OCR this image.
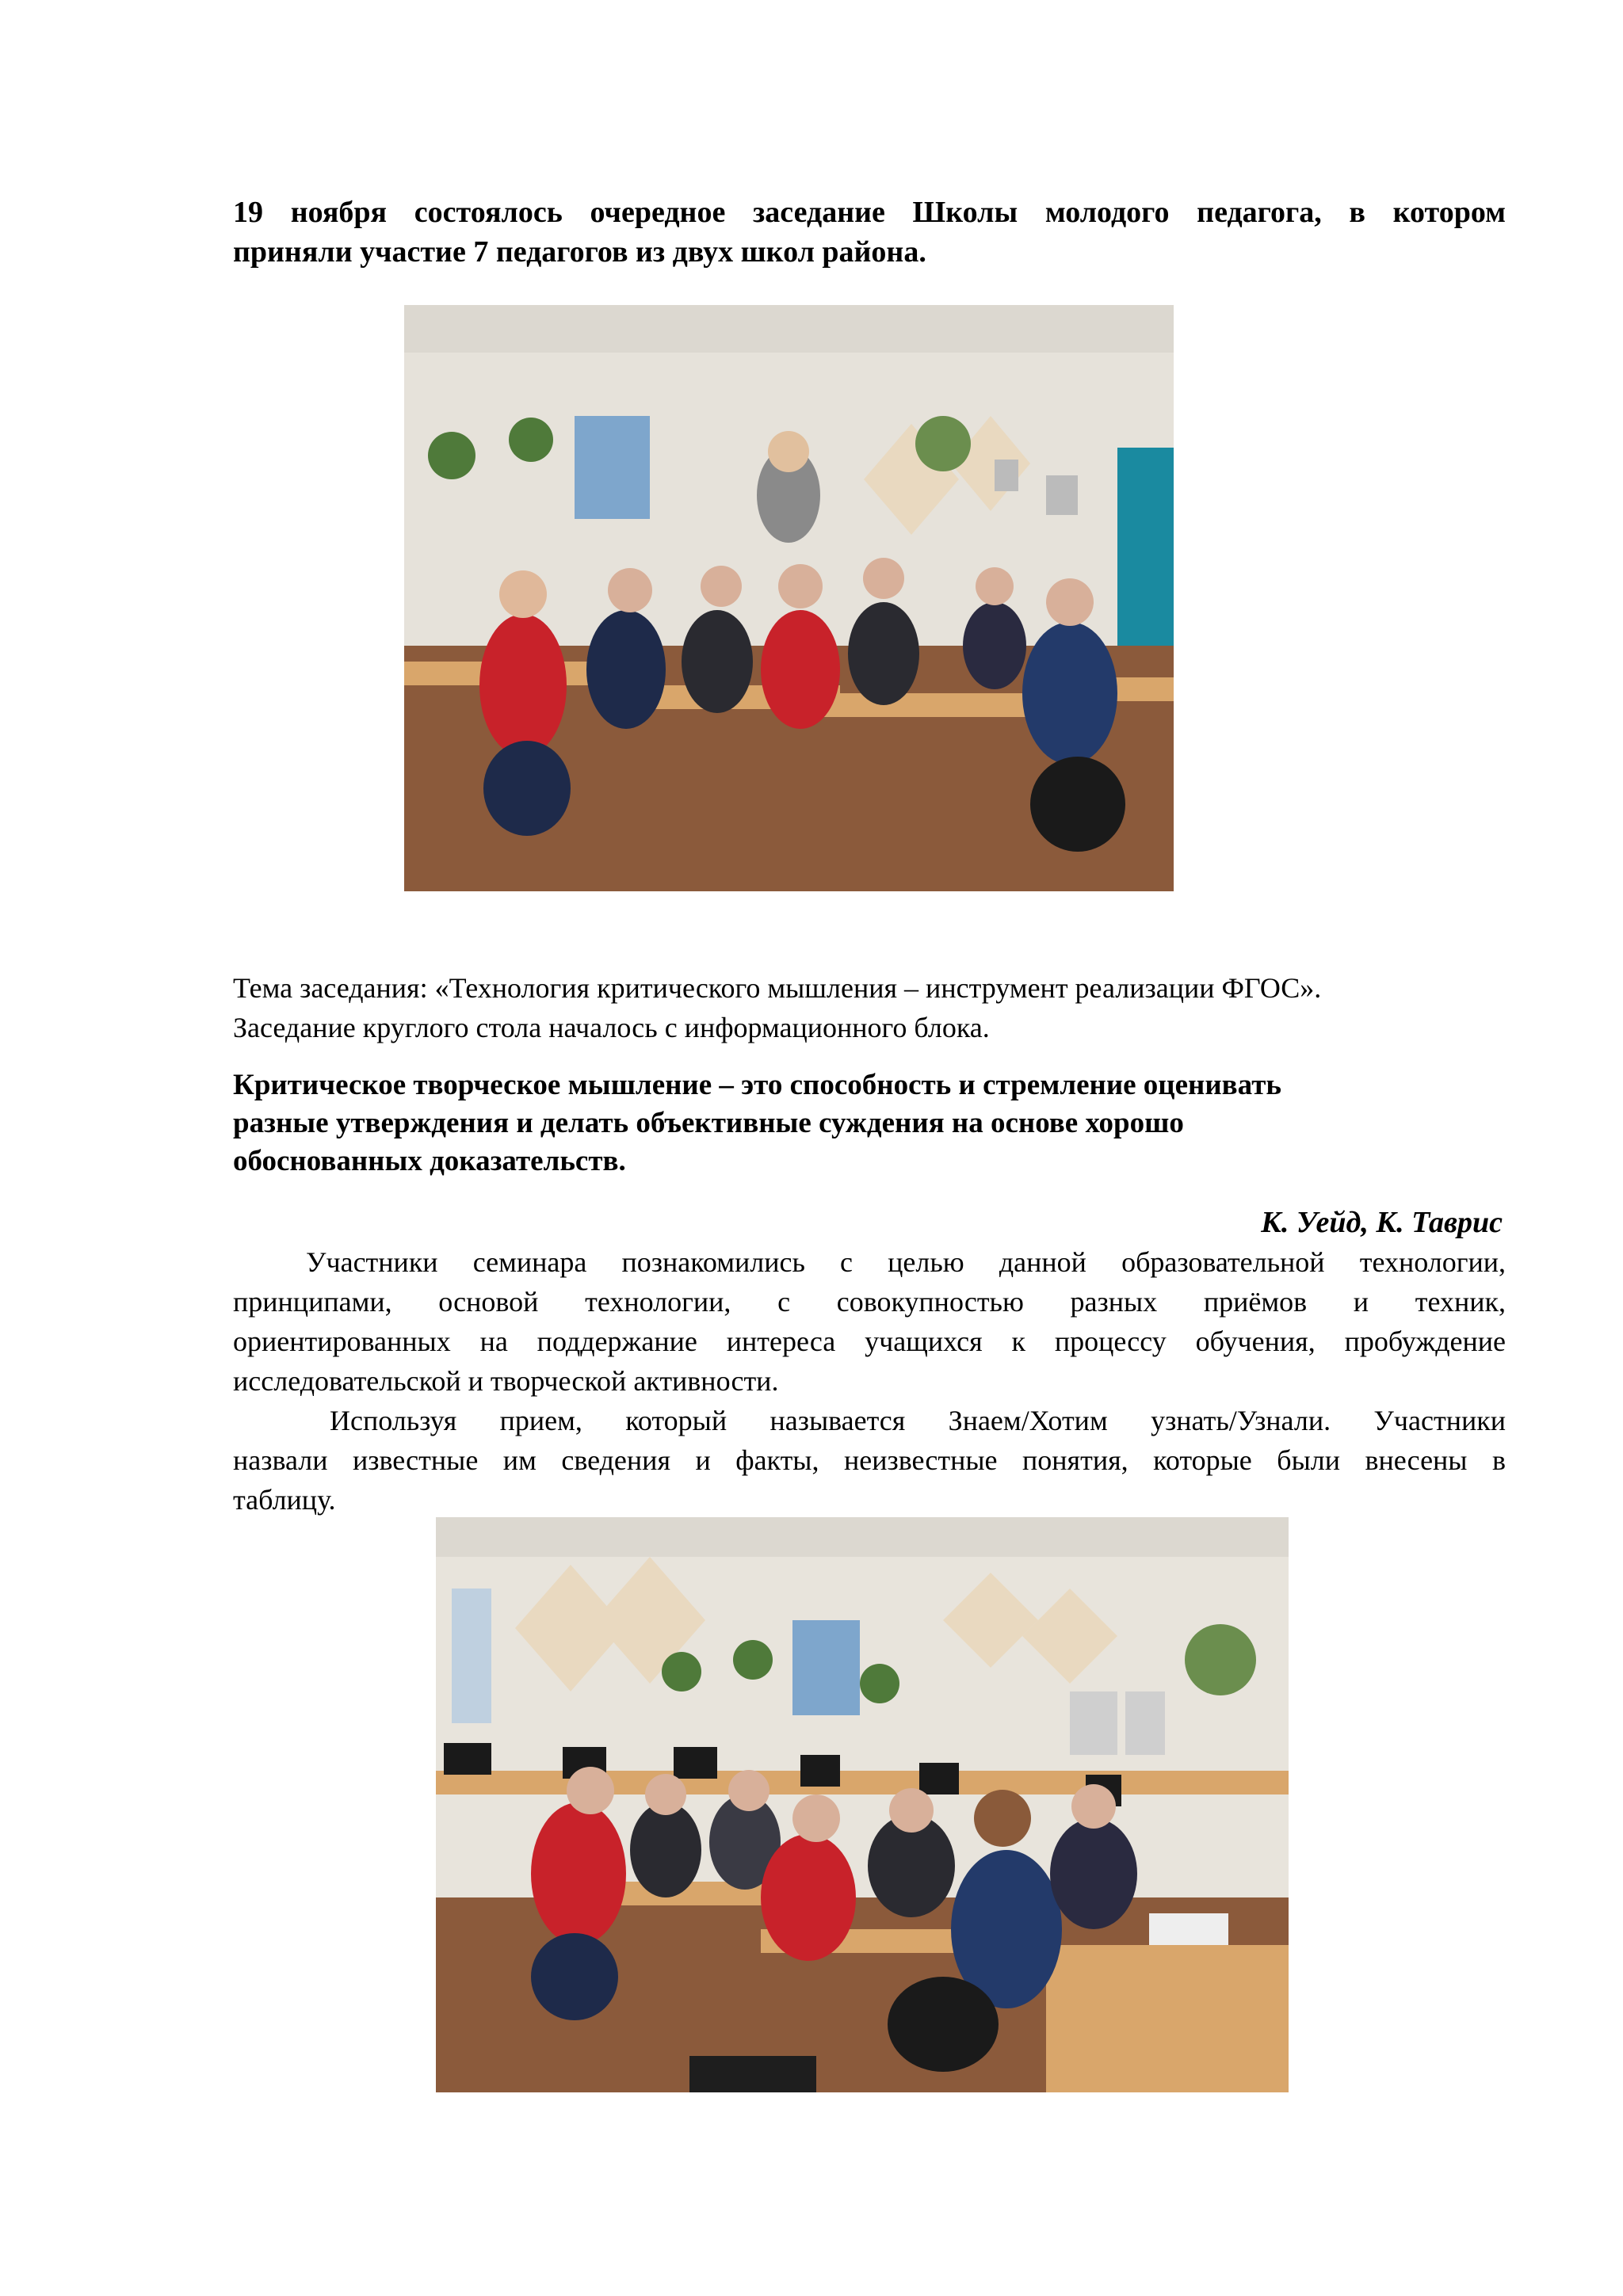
19 ноября состоялось очередное заседание Школы молодого педагога, в котором
приняли участие 7 педагогов из двух школ района.
Тема заседания: «Технология критического мышления – инструмент реализации ФГОС».
Заседание круглого стола началось с информационного блока.
Критическое творческое мышление – это способность и стремление оценивать
разные утверждения и делать объективные суждения на основе хорошо
обоснованных доказательств.
К. Уейд, К. Таврис
Участники семинара познакомились с целью данной образовательной технологии,
принципами, основой технологии, с совокупностью разных приёмов и техник,
ориентированных на поддержание интереса учащихся к процессу обучения, пробуждение
исследовательской и творческой активности.
Используя прием, который называется Знаем/Хотим узнать/Узнали. Участники
назвали известные им сведения и факты, неизвестные понятия, которые были внесены в
таблицу.
